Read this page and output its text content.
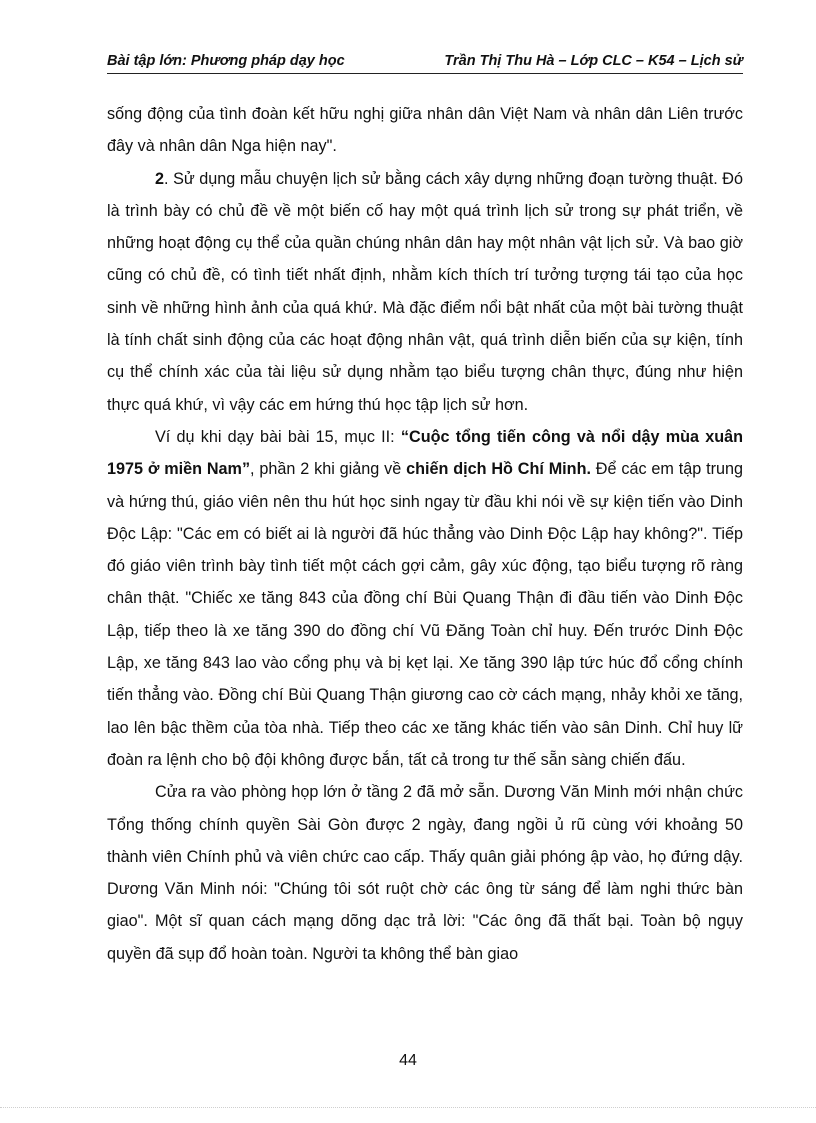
Bài tập lớn: Phương pháp dạy học	Trần Thị Thu Hà – Lớp CLC – K54 – Lịch sử

sống động của tình đoàn kết hữu nghị giữa nhân dân Việt Nam và nhân dân Liên trước đây và nhân dân Nga hiện nay".

2. Sử dụng mẫu chuyện lịch sử bằng cách xây dựng những đoạn tường thuật. Đó là trình bày có chủ đề về một biến cố hay một quá trình lịch sử trong sự phát triển, về những hoạt động cụ thể của quần chúng nhân dân hay một nhân vật lịch sử. Và bao giờ cũng có chủ đề, có tình tiết nhất định, nhằm kích thích trí tưởng tượng tái tạo của học sinh về những hình ảnh của quá khứ. Mà đặc điểm nổi bật nhất của một bài tường thuật là tính chất sinh động của các hoạt động nhân vật, quá trình diễn biến của sự kiện, tính cụ thể chính xác của tài liệu sử dụng nhằm tạo biểu tượng chân thực, đúng như hiện thực quá khứ, vì vậy các em hứng thú học tập lịch sử hơn.

Ví dụ khi dạy bài bài 15, mục II: “Cuộc tổng tiến công và nổi dậy mùa xuân 1975 ở miền Nam”, phần 2 khi giảng về chiến dịch Hồ Chí Minh. Để các em tập trung và hứng thú, giáo viên nên thu hút học sinh ngay từ đầu khi nói về sự kiện tiến vào Dinh Độc Lập: "Các em có biết ai là người đã húc thẳng vào Dinh Độc Lập hay không?". Tiếp đó giáo viên trình bày tình tiết một cách gợi cảm, gây xúc động, tạo biểu tượng rõ ràng chân thật. "Chiếc xe tăng 843 của đồng chí Bùi Quang Thận đi đầu tiến vào Dinh Độc Lập, tiếp theo là xe tăng 390 do đồng chí Vũ Đăng Toàn chỉ huy. Đến trước Dinh Độc Lập, xe tăng 843 lao vào cổng phụ và bị kẹt lại. Xe tăng 390 lập tức húc đổ cổng chính tiến thẳng vào. Đồng chí Bùi Quang Thận giương cao cờ cách mạng, nhảy khỏi xe tăng, lao lên bậc thềm của tòa nhà. Tiếp theo các xe tăng khác tiến vào sân Dinh. Chỉ huy lữ đoàn ra lệnh cho bộ đội không được bắn, tất cả trong tư thế sẵn sàng chiến đấu.

Cửa ra vào phòng họp lớn ở tầng 2 đã mở sẵn. Dương Văn Minh mới nhận chức Tổng thống chính quyền Sài Gòn được 2 ngày, đang ngồi ủ rũ cùng với khoảng 50 thành viên Chính phủ và viên chức cao cấp. Thấy quân giải phóng ập vào, họ đứng dậy. Dương Văn Minh nói: "Chúng tôi sót ruột chờ các ông từ sáng để làm nghi thức bàn giao". Một sĩ quan cách mạng dõng dạc trả lời: "Các ông đã thất bại. Toàn bộ ngụy quyền đã sụp đổ hoàn toàn. Người ta không thể bàn giao

44
